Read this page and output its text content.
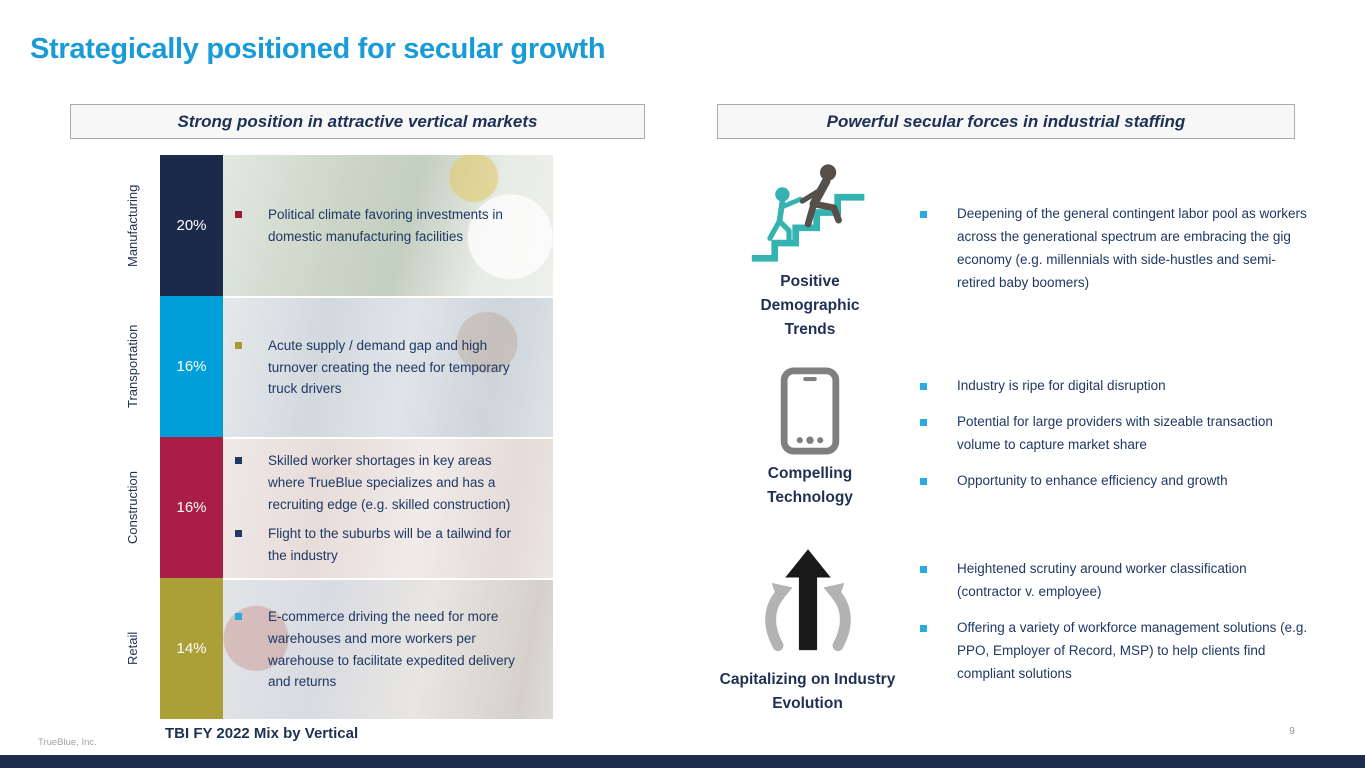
Strategically positioned for secular growth
Strong position in attractive vertical markets	Powerful secular forces in industrial staffing
Manufacturing	20%
Political climate favoring investments in domestic manufacturing facilities
Transportation	16%
Acute supply / demand gap and high turnover creating the need for temporary truck drivers
Construction	16%
Skilled worker shortages in key areas where TrueBlue specializes and has a recruiting edge (e.g. skilled construction)
Flight to the suburbs will be a tailwind for the industry
Retail	14%
E-commerce driving the need for more warehouses and more workers per warehouse to facilitate expedited delivery and returns
TBI FY 2022 Mix by Vertical
Positive Demographic Trends
Deepening of the general contingent labor pool as workers across the generational spectrum are embracing the gig economy (e.g. millennials with side-hustles and semi-retired baby boomers)
Compelling Technology
Industry is ripe for digital disruption
Potential for large providers with sizeable transaction volume to capture market share
Opportunity to enhance efficiency and growth
Capitalizing on Industry Evolution
Heightened scrutiny around worker classification (contractor v. employee)
Offering a variety of workforce management solutions (e.g. PPO, Employer of Record, MSP) to help clients find compliant solutions
TrueBlue, Inc.
9
